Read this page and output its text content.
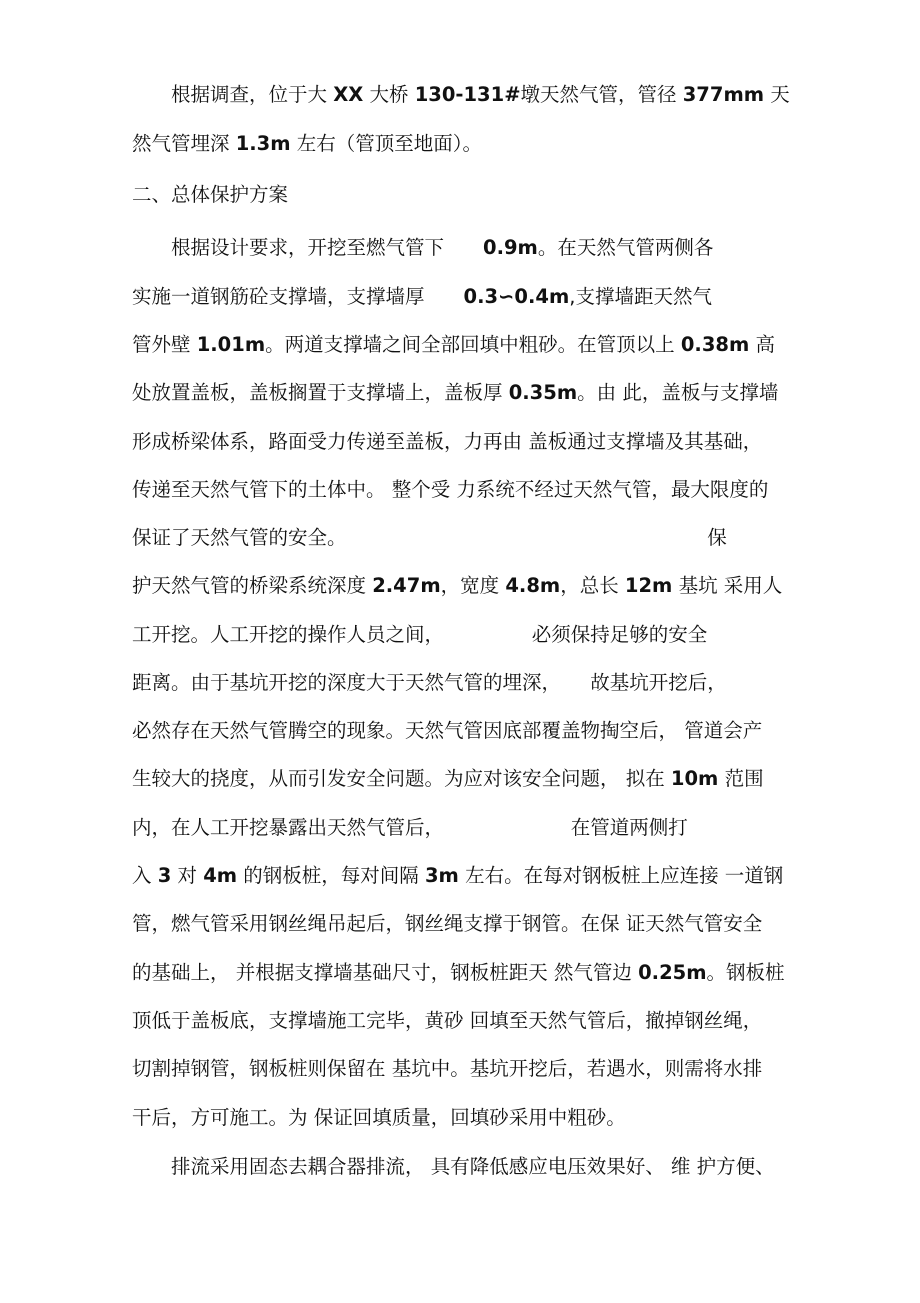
　　根据调查，位于大 XX 大桥 130-131#墩天然气管，管径 377mm 天
然气管埋深 1.3m 左右（管顶至地面）。
二、总体保护方案
　　根据设计要求，开挖至燃气管下　　0.9m。在天然气管两侧各
实施一道钢筋砼支撑墙，支撑墙厚　　0.3∽0.4m,支撑墙距天然气
管外壁 1.01m。两道支撑墙之间全部回填中粗砂。在管顶以上 0.38m 高
处放置盖板，盖板搁置于支撑墙上，盖板厚 0.35m。由 此，盖板与支撑墙
形成桥梁体系，路面受力传递至盖板，力再由 盖板通过支撑墙及其基础，
传递至天然气管下的土体中。 整个受 力系统不经过天然气管，最大限度的
保证了天然气管的安全。　　　　　　　　　　　　　　　　　　　保
护天然气管的桥梁系统深度 2.47m，宽度 4.8m，总长 12m 基坑 采用人
工开挖。人工开挖的操作人员之间，　　　　　必须保持足够的安全
距离。由于基坑开挖的深度大于天然气管的埋深，　　故基坑开挖后，
必然存在天然气管腾空的现象。天然气管因底部覆盖物掏空后， 管道会产
生较大的挠度，从而引发安全问题。为应对该安全问题， 拟在 10m 范围
内，在人工开挖暴露出天然气管后，　　　　　　　在管道两侧打
入 3 对 4m 的钢板桩，每对间隔 3m 左右。在每对钢板桩上应连接 一道钢
管，燃气管采用钢丝绳吊起后，钢丝绳支撑于钢管。在保 证天然气管安全
的基础上， 并根据支撑墙基础尺寸，钢板桩距天 然气管边 0.25m。钢板桩
顶低于盖板底，支撑墙施工完毕，黄砂 回填至天然气管后，撤掉钢丝绳，
切割掉钢管，钢板桩则保留在 基坑中。基坑开挖后，若遇水，则需将水排
干后，方可施工。为 保证回填质量，回填砂采用中粗砂。
　　排流采用固态去耦合器排流， 具有降低感应电压效果好、 维 护方便、
